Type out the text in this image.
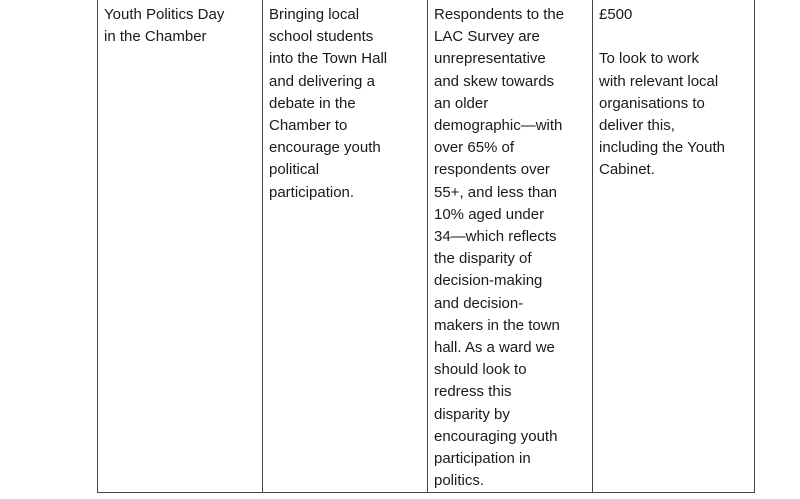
Youth Politics Day
in the Chamber

Bringing local
school students
into the Town Hall
and delivering a
debate in the
Chamber to
encourage youth
political
participation.

Respondents to the
LAC Survey are
unrepresentative
and skew towards
an older
demographic—with
over 65% of
respondents over
55+, and less than
10% aged under
34—which reflects
the disparity of
decision-making
and decision-
makers in the town
hall. As a ward we
should look to
redress this
disparity by
encouraging youth
participation in
politics.

£500
To look to work
with relevant local
organisations to
deliver this,
including the Youth
Cabinet.
